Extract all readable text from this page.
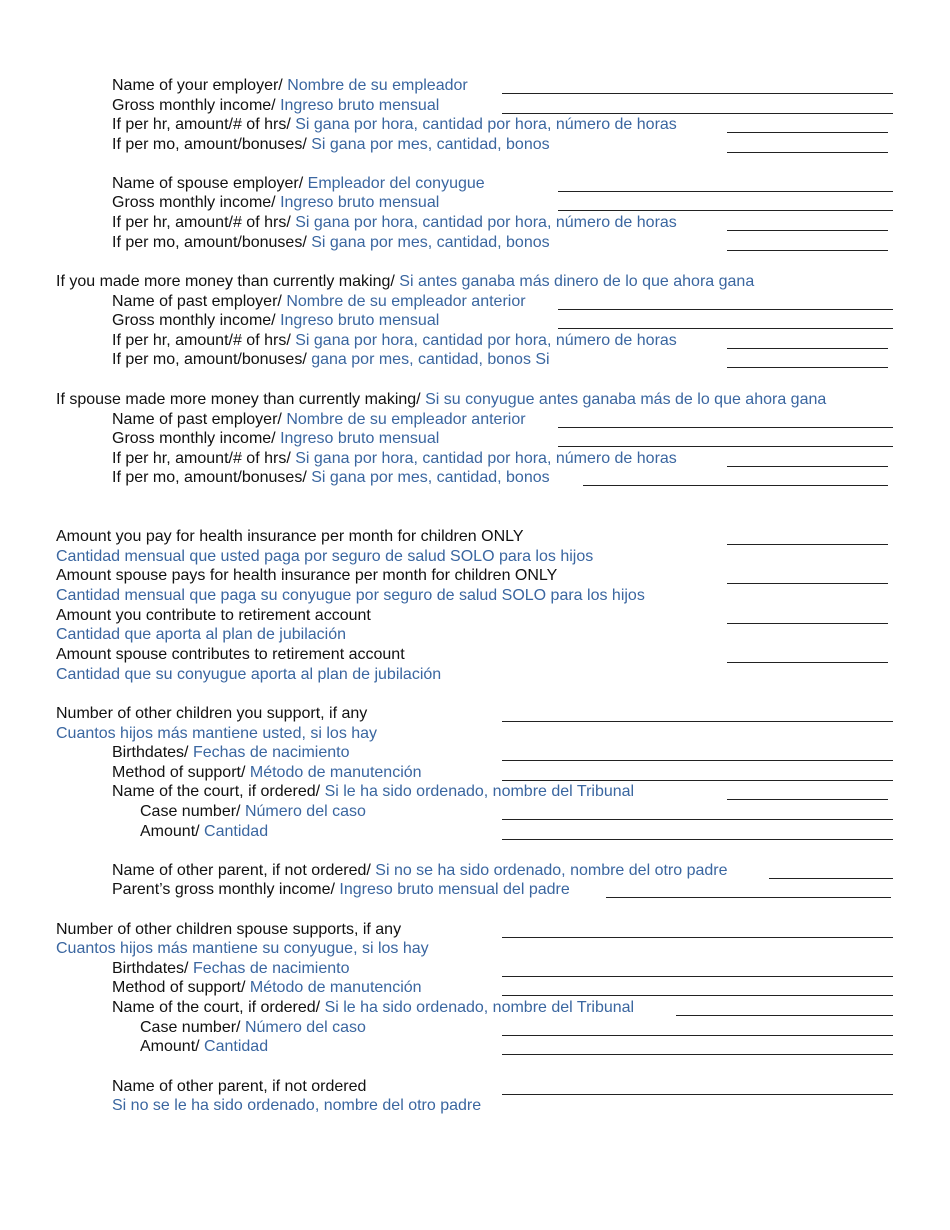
Name of your employer/ Nombre de su empleador
Gross monthly income/ Ingreso bruto mensual
If per hr, amount/# of hrs/ Si gana por hora, cantidad por hora, número de horas
If per mo, amount/bonuses/ Si gana por mes, cantidad, bonos
Name of spouse employer/ Empleador del conyugue
Gross monthly income/ Ingreso bruto mensual
If per hr, amount/# of hrs/ Si gana por hora, cantidad por hora, número de horas
If per mo, amount/bonuses/ Si gana por mes, cantidad, bonos
If you made more money than currently making/ Si antes ganaba más dinero de lo que ahora gana
Name of past employer/ Nombre de su empleador anterior
Gross monthly income/ Ingreso bruto mensual
If per hr, amount/# of hrs/ Si gana por hora, cantidad por hora, número de horas
If per mo, amount/bonuses/ gana por mes, cantidad, bonos Si
If spouse made more money than currently making/ Si su conyugue antes ganaba más de lo que ahora gana
Name of past employer/ Nombre de su empleador anterior
Gross monthly income/ Ingreso bruto mensual
If per hr, amount/# of hrs/ Si gana por hora, cantidad por hora, número de horas
If per mo, amount/bonuses/ Si gana por mes, cantidad, bonos
Amount you pay for health insurance per month for children ONLY
Cantidad mensual que usted paga por seguro de salud SOLO para los hijos
Amount spouse pays for health insurance per month for children ONLY
Cantidad mensual que paga su conyugue por seguro de salud SOLO para los hijos
Amount you contribute to retirement account
Cantidad que aporta al plan de jubilación
Amount spouse contributes to retirement account
Cantidad que su conyugue aporta al plan de jubilación
Number of other children you support, if any
Cuantos hijos más mantiene usted, si los hay
Birthdates/ Fechas de nacimiento
Method of support/ Método de manutención
Name of the court, if ordered/ Si le ha sido ordenado, nombre del Tribunal
Case number/ Número del caso
Amount/ Cantidad
Name of other parent, if not ordered/ Si no se ha sido ordenado, nombre del otro padre
Parent’s gross monthly income/ Ingreso bruto mensual del padre
Number of other children spouse supports, if any
Cuantos hijos más mantiene su conyugue, si los hay
Birthdates/ Fechas de nacimiento
Method of support/ Método de manutención
Name of the court, if ordered/ Si le ha sido ordenado, nombre del Tribunal
Case number/ Número del caso
Amount/ Cantidad
Name of other parent, if not ordered
Si no se le ha sido ordenado, nombre del otro padre
